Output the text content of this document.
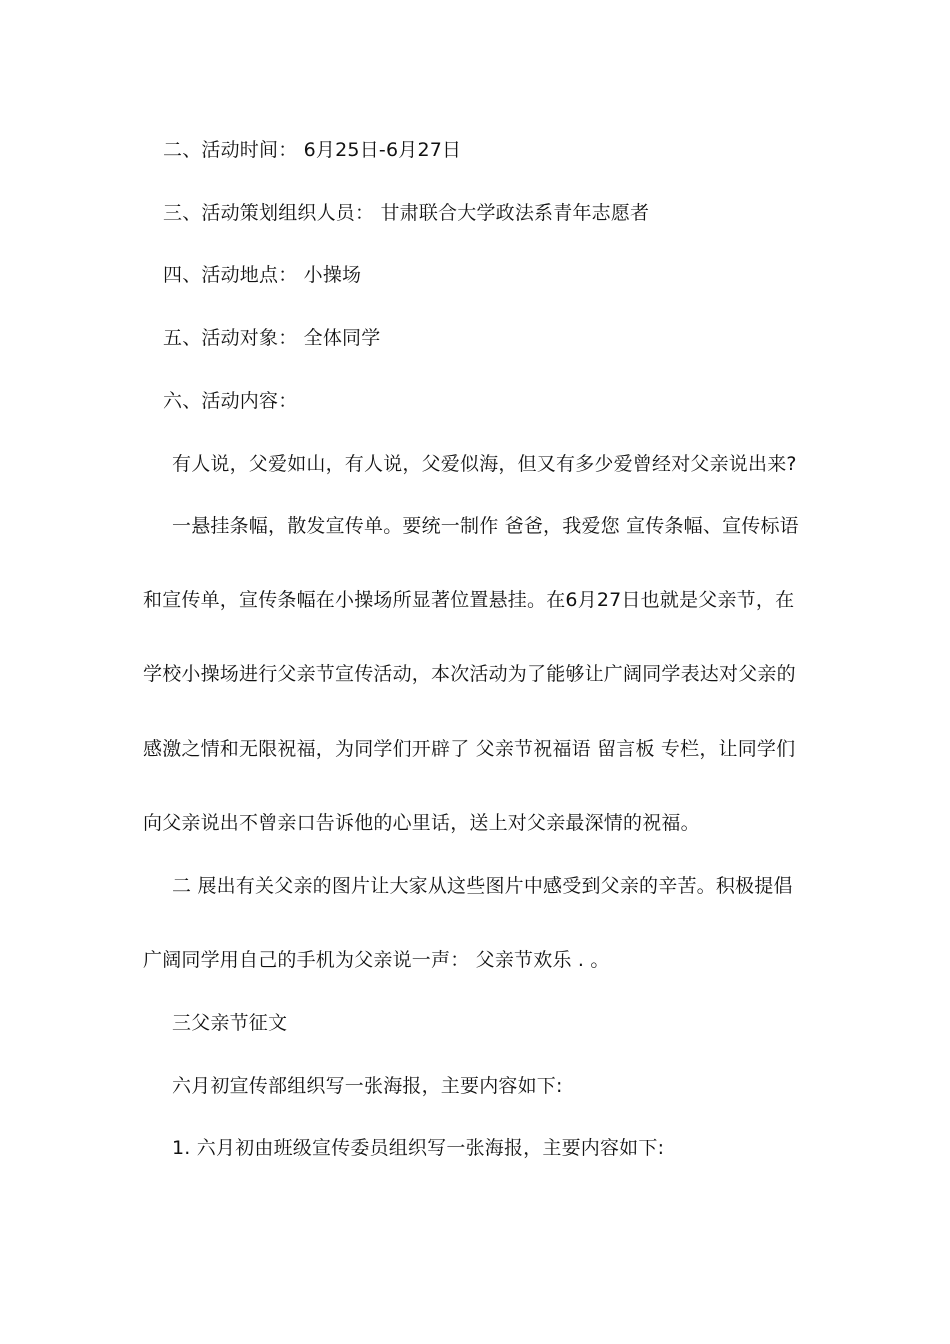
二、活动时间： 6月25日-6月27日
三、活动策划组织人员： 甘肃联合大学政法系青年志愿者
四、活动地点： 小操场
五、活动对象： 全体同学
六、活动内容：
有人说，父爱如山，有人说，父爱似海，但又有多少爱曾经对父亲说出来?
一悬挂条幅，散发宣传单。要统一制作 爸爸，我爱您 宣传条幅、宣传标语
和宣传单，宣传条幅在小操场所显著位置悬挂。在6月27日也就是父亲节，在
学校小操场进行父亲节宣传活动，本次活动为了能够让广阔同学表达对父亲的
感激之情和无限祝福，为同学们开辟了 父亲节祝福语 留言板 专栏，让同学们
向父亲说出不曾亲口告诉他的心里话，送上对父亲最深情的祝福。
二 展出有关父亲的图片让大家从这些图片中感受到父亲的辛苦。积极提倡
广阔同学用自己的手机为父亲说一声： 父亲节欢乐 . 。
三父亲节征文
六月初宣传部组织写一张海报，主要内容如下:
1. 六月初由班级宣传委员组织写一张海报，主要内容如下:
